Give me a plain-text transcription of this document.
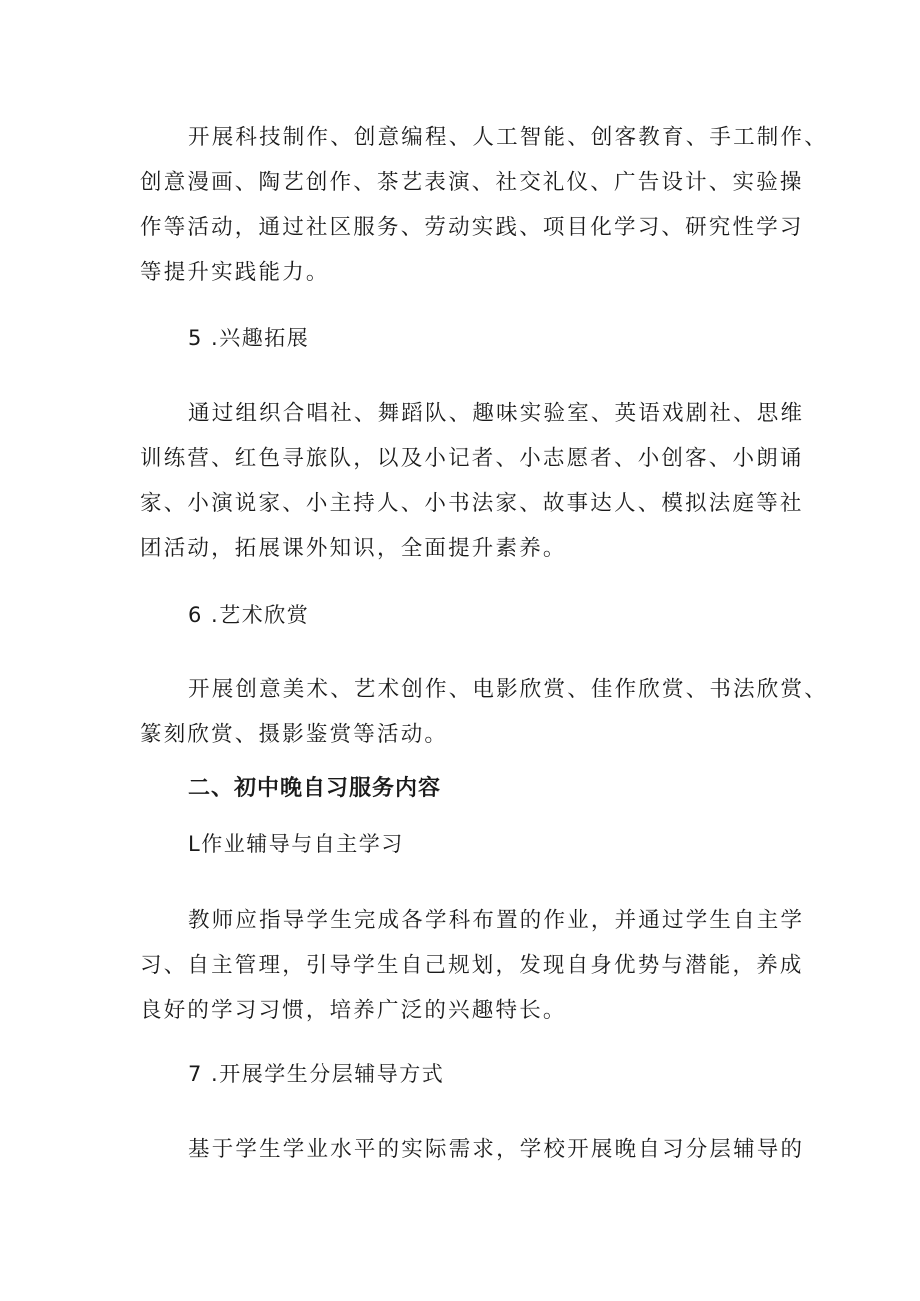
开展科技制作、创意编程、人工智能、创客教育、手工制作、
创意漫画、陶艺创作、茶艺表演、社交礼仪、广告设计、实验操
作等活动，通过社区服务、劳动实践、项目化学习、研究性学习
等提升实践能力。

5 .兴趣拓展

通过组织合唱社、舞蹈队、趣味实验室、英语戏剧社、思维
训练营、红色寻旅队，以及小记者、小志愿者、小创客、小朗诵
家、小演说家、小主持人、小书法家、故事达人、模拟法庭等社
团活动，拓展课外知识，全面提升素养。

6 .艺术欣赏

开展创意美术、艺术创作、电影欣赏、佳作欣赏、书法欣赏、
篆刻欣赏、摄影鉴赏等活动。

二、初中晚自习服务内容

L作业辅导与自主学习

教师应指导学生完成各学科布置的作业，并通过学生自主学
习、自主管理，引导学生自己规划，发现自身优势与潜能，养成
良好的学习习惯，培养广泛的兴趣特长。

7 .开展学生分层辅导方式

基于学生学业水平的实际需求，学校开展晚自习分层辅导的
